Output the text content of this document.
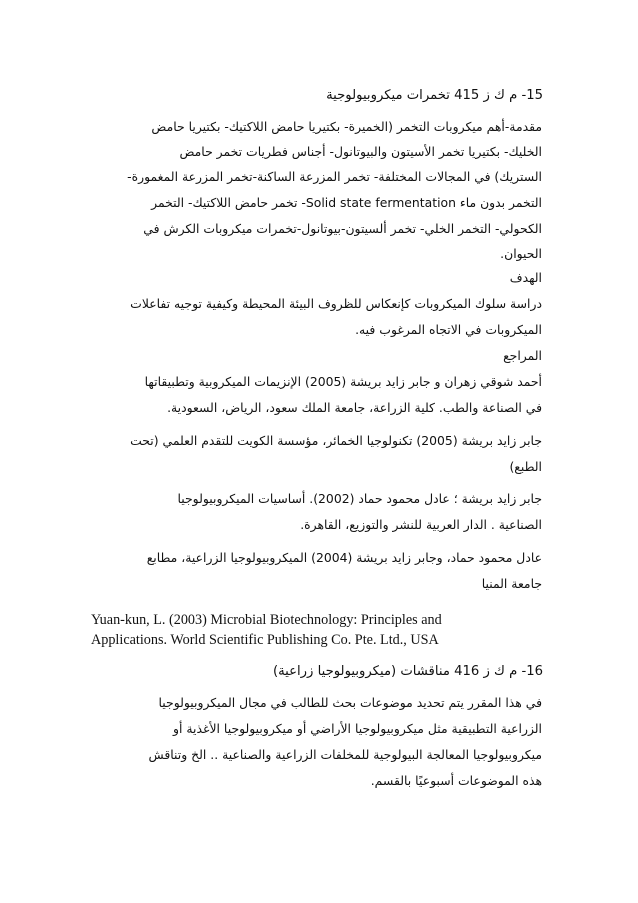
15- م ك ز 415 تخمرات ميكروبيولوجية
مقدمة-أهم ميكروبات التخمر (الخميرة- بكتيريا حامض اللاكتيك- بكتيريا حامض
الخليك- بكتيريا تخمر الأسيتون والبيوتانول- أجناس فطريات تخمر حامض
الستريك) في المجالات المختلفة- تخمر المزرعة الساكنة-تخمر المزرعة المغمورة-
التخمر بدون ماء Solid state fermentation- تخمر حامض اللاكتيك- التخمر
الكحولي- التخمر الخلي- تخمر ألسيتون-بيوتانول-تخمرات ميكروبات الكرش في
الحيوان.
الهدف
دراسة سلوك الميكروبات كإنعكاس للظروف البيئة المحيطة وكيفية توجيه تفاعلات
الميكروبات في الاتجاه المرغوب فيه.
المراجع
أحمد شوقي زهران و جابر زايد بريشة (2005) الإنزيمات الميكروبية وتطبيقاتها
في الصناعة والطب. كلية الزراعة، جامعة الملك سعود، الرياض، السعودية.
جابر زايد بريشة (2005) تكنولوجيا الخمائر، مؤسسة الكويت للتقدم العلمي (تحت
الطبع)
جابر زايد بريشة ؛ عادل محمود حماد (2002). أساسيات الميكروبيولوجيا
الصناعية . الدار العربية للنشر والتوزيع، القاهرة.
عادل محمود حماد، وجابر زايد بريشة (2004) الميكروبيولوجيا الزراعية، مطابع
جامعة المنيا
Yuan-kun, L. (2003) Microbial Biotechnology: Principles and
Applications. World Scientific Publishing Co. Pte. Ltd., USA
16- م ك ز 416 مناقشات (ميكروبيولوجيا زراعية)
في هذا المقرر يتم تحديد موضوعات بحث للطالب في مجال الميكروبيولوجيا
الزراعية التطبيقية مثل ميكروبيولوجيا الأراضي أو ميكروبيولوجيا الأغذية أو
ميكروبيولوجيا المعالجة البيولوجية للمخلفات الزراعية والصناعية .. الخ وتناقش
هذه الموضوعات أسبوعيًا بالقسم.
